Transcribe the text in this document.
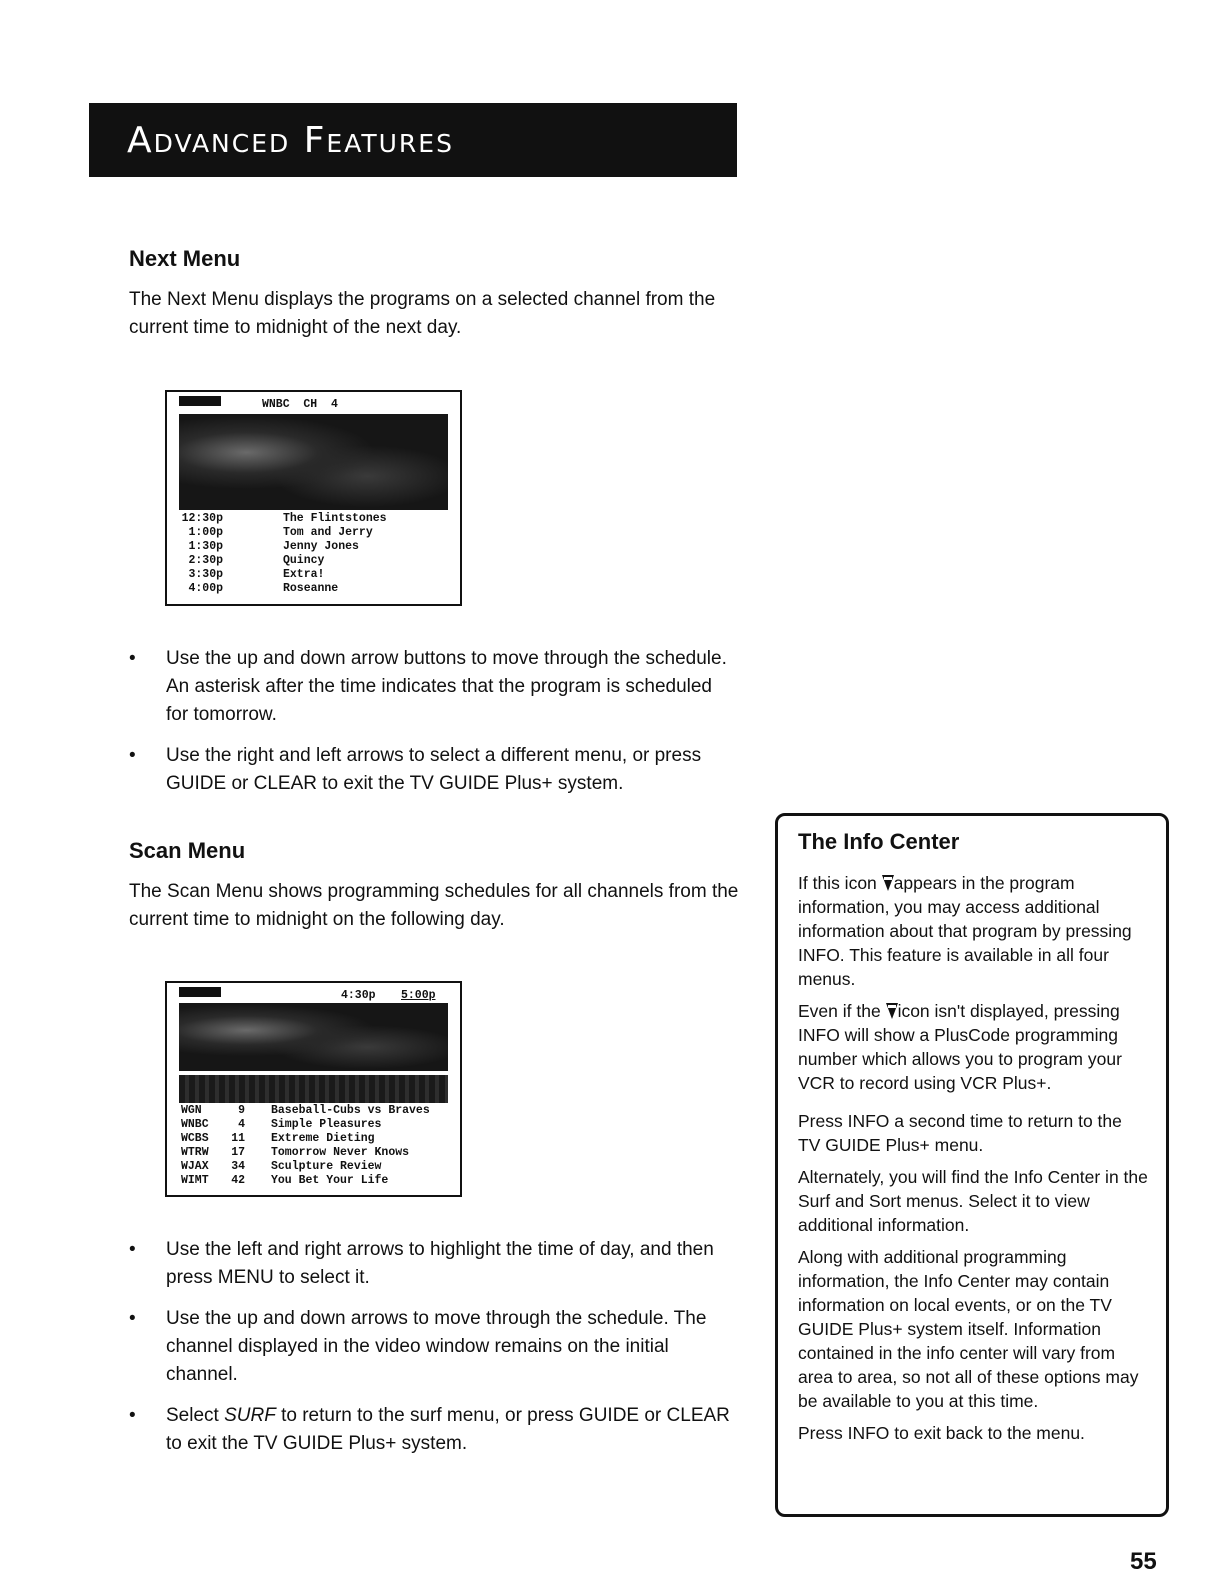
Advanced Features
Next Menu

The Next Menu displays the programs on a selected channel from the current time to midnight of the next day.

WNBC  CH  4
12:30p	The Flintstones
1:00p	Tom and Jerry
1:30p	Jenny Jones
2:30p	Quincy
3:30p	Extra!
4:00p	Roseanne
• Use the up and down arrow buttons to move through the schedule. An asterisk after the time indicates that the program is scheduled for tomorrow.
• Use the right and left arrows to select a different menu, or press GUIDE or CLEAR to exit the TV GUIDE Plus+ system.
Scan Menu

The Scan Menu shows programming schedules for all channels from the current time to midnight on the following day.

4:30p 5:00p
WGN	9 Baseball-Cubs vs Braves
WNBC	4 Simple Pleasures
WCBS 11 Extreme Dieting
WTRW 17 Tomorrow Never Knows
WJAX 34 Sculpture Review
WIMT 42 You Bet Your Life
• Use the left and right arrows to highlight the time of day, and then press MENU to select it.
• Use the up and down arrows to move through the schedule. The channel displayed in the video window remains on the initial channel.
• Select SURF to return to the surf menu, or press GUIDE or CLEAR to exit the TV GUIDE Plus+ system.
The Info Center

If this icon appears in the program information, you may access additional information about that program by pressing INFO. This feature is available in all four menus.

Even if the icon isn't displayed, pressing INFO will show a PlusCode programming number which allows you to program your VCR to record using VCR Plus+.

Press INFO a second time to return to the TV GUIDE Plus+ menu.

Alternately, you will find the Info Center in the Surf and Sort menus. Select it to view additional information.

Along with additional programming information, the Info Center may contain information on local events, or on the TV GUIDE Plus+ system itself. Information contained in the info center will vary from area to area, so not all of these options may be available to you at this time.

Press INFO to exit back to the menu.

55
